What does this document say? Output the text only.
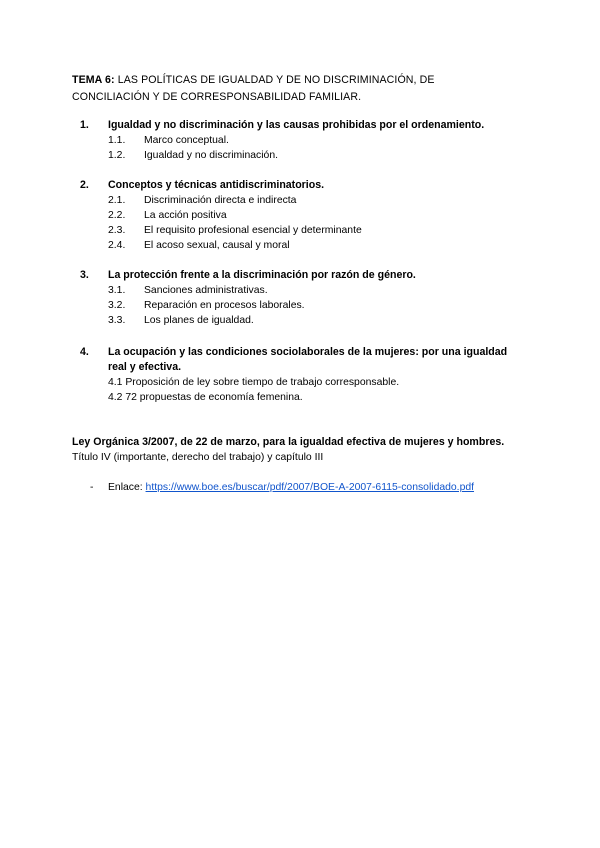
TEMA 6: LAS POLÍTICAS DE IGUALDAD Y DE NO DISCRIMINACIÓN, DE
CONCILIACIÓN Y DE CORRESPONSABILIDAD FAMILIAR.
1. Igualdad y no discriminación y las causas prohibidas por el ordenamiento.
1.1. Marco conceptual.
1.2. Igualdad y no discriminación.
2. Conceptos y técnicas antidiscriminatorios.
2.1. Discriminación directa e indirecta
2.2. La acción positiva
2.3. El requisito profesional esencial y determinante
2.4. El acoso sexual, causal y moral
3. La protección frente a la discriminación por razón de género.
3.1. Sanciones administrativas.
3.2. Reparación en procesos laborales.
3.3. Los planes de igualdad.
4. La ocupación y las condiciones sociolaborales de la mujeres: por una igualdad
real y efectiva.
4.1 Proposición de ley sobre tiempo de trabajo corresponsable.
4.2 72 propuestas de economía femenina.
Ley Orgánica 3/2007, de 22 de marzo, para la igualdad efectiva de mujeres y hombres.
Título IV (importante, derecho del trabajo) y capítulo III
- Enlace: https://www.boe.es/buscar/pdf/2007/BOE-A-2007-6115-consolidado.pdf
